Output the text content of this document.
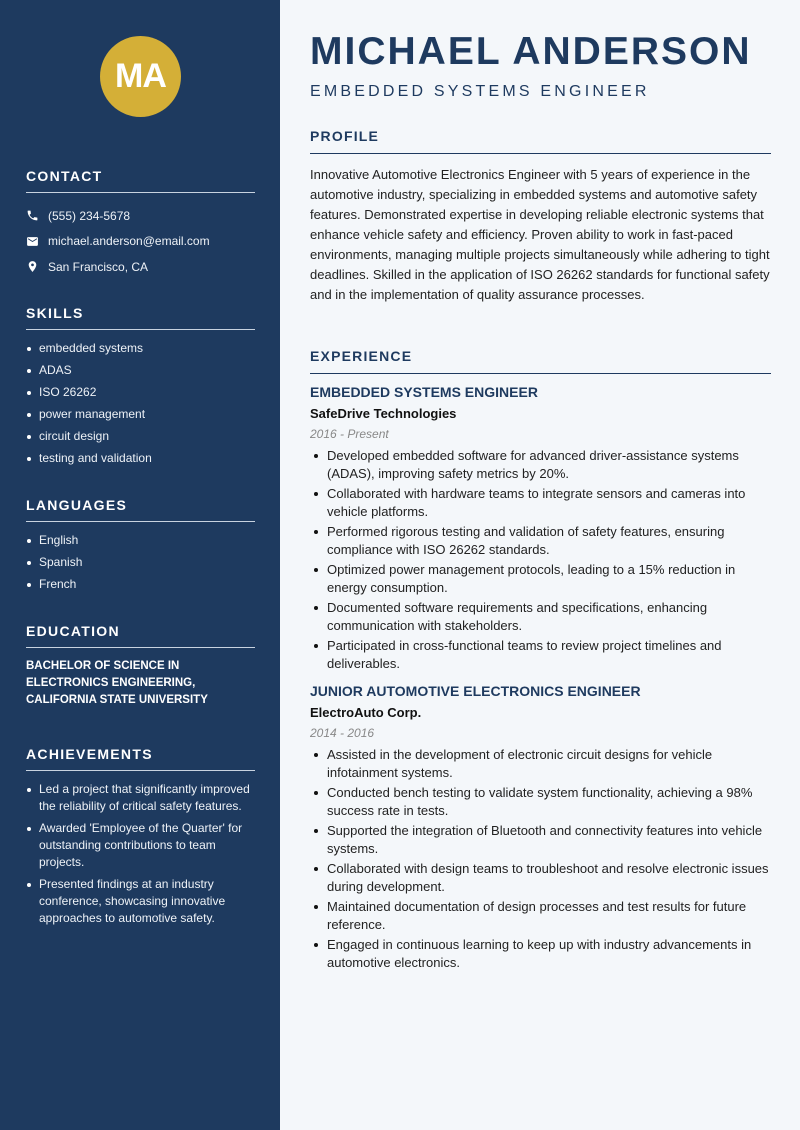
MA
CONTACT
(555) 234-5678
michael.anderson@email.com
San Francisco, CA
SKILLS
embedded systems
ADAS
ISO 26262
power management
circuit design
testing and validation
LANGUAGES
English
Spanish
French
EDUCATION
BACHELOR OF SCIENCE IN ELECTRONICS ENGINEERING, CALIFORNIA STATE UNIVERSITY
ACHIEVEMENTS
Led a project that significantly improved the reliability of critical safety features.
Awarded 'Employee of the Quarter' for outstanding contributions to team projects.
Presented findings at an industry conference, showcasing innovative approaches to automotive safety.
MICHAEL ANDERSON
EMBEDDED SYSTEMS ENGINEER
PROFILE
Innovative Automotive Electronics Engineer with 5 years of experience in the automotive industry, specializing in embedded systems and automotive safety features. Demonstrated expertise in developing reliable electronic systems that enhance vehicle safety and efficiency. Proven ability to work in fast-paced environments, managing multiple projects simultaneously while adhering to tight deadlines. Skilled in the application of ISO 26262 standards for functional safety and in the implementation of quality assurance processes.
EXPERIENCE
EMBEDDED SYSTEMS ENGINEER
SafeDrive Technologies
2016 - Present
Developed embedded software for advanced driver-assistance systems (ADAS), improving safety metrics by 20%.
Collaborated with hardware teams to integrate sensors and cameras into vehicle platforms.
Performed rigorous testing and validation of safety features, ensuring compliance with ISO 26262 standards.
Optimized power management protocols, leading to a 15% reduction in energy consumption.
Documented software requirements and specifications, enhancing communication with stakeholders.
Participated in cross-functional teams to review project timelines and deliverables.
JUNIOR AUTOMOTIVE ELECTRONICS ENGINEER
ElectroAuto Corp.
2014 - 2016
Assisted in the development of electronic circuit designs for vehicle infotainment systems.
Conducted bench testing to validate system functionality, achieving a 98% success rate in tests.
Supported the integration of Bluetooth and connectivity features into vehicle systems.
Collaborated with design teams to troubleshoot and resolve electronic issues during development.
Maintained documentation of design processes and test results for future reference.
Engaged in continuous learning to keep up with industry advancements in automotive electronics.
